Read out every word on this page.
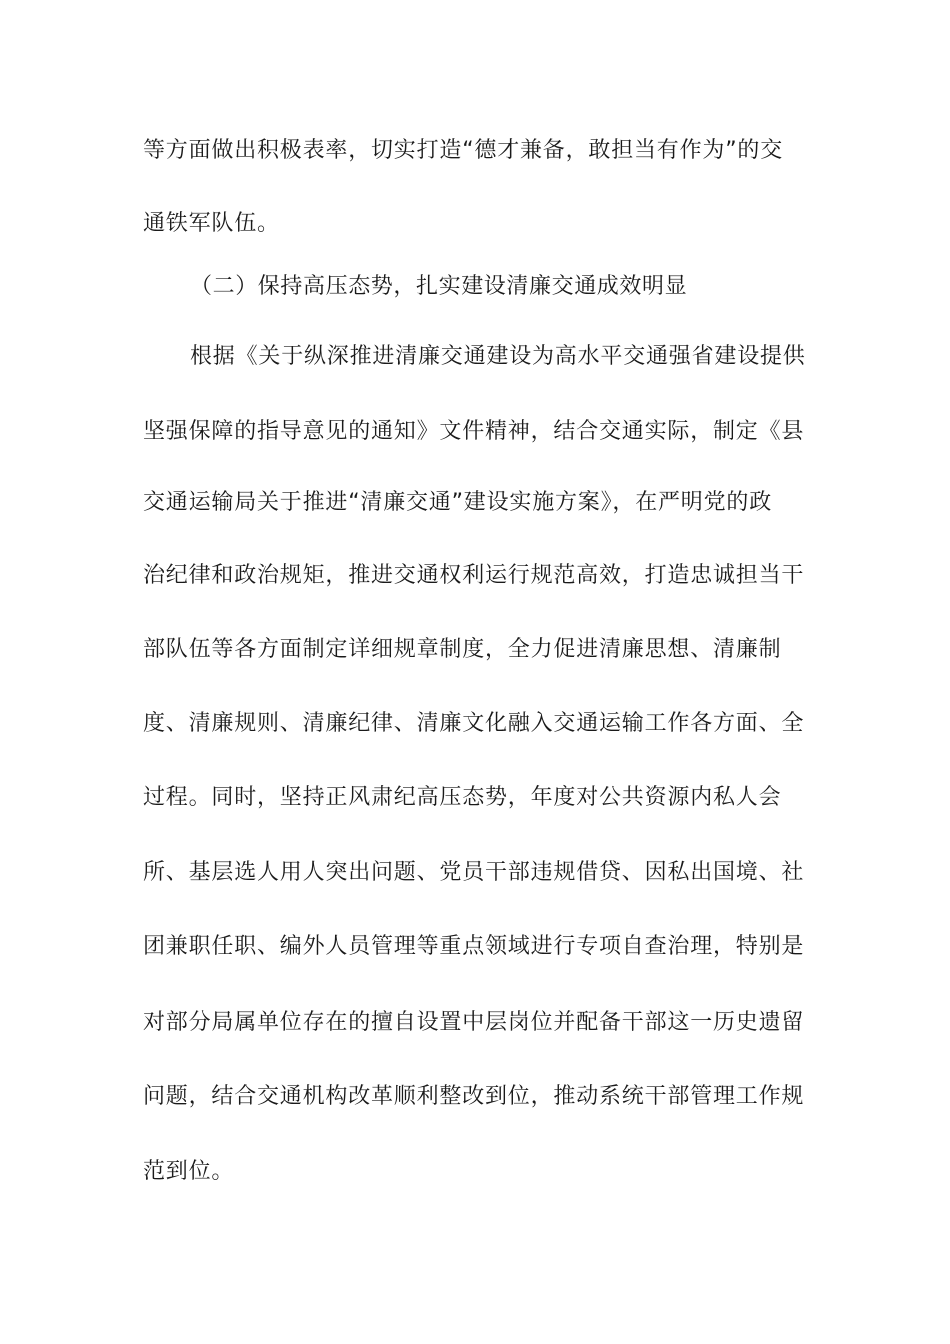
等方面做出积极表率，切实打造“德才兼备，敢担当有作为”的交
通铁军队伍。
（二）保持高压态势，扎实建设清廉交通成效明显
根据《关于纵深推进清廉交通建设为高水平交通强省建设提供
坚强保障的指导意见的通知》文件精神，结合交通实际，制定《县
交通运输局关于推进“清廉交通”建设实施方案》，在严明党的政
治纪律和政治规矩，推进交通权利运行规范高效，打造忠诚担当干
部队伍等各方面制定详细规章制度，全力促进清廉思想、清廉制
度、清廉规则、清廉纪律、清廉文化融入交通运输工作各方面、全
过程。同时，坚持正风肃纪高压态势，年度对公共资源内私人会
所、基层选人用人突出问题、党员干部违规借贷、因私出国境、社
团兼职任职、编外人员管理等重点领域进行专项自查治理，特别是
对部分局属单位存在的擅自设置中层岗位并配备干部这一历史遗留
问题，结合交通机构改革顺利整改到位，推动系统干部管理工作规
范到位。
